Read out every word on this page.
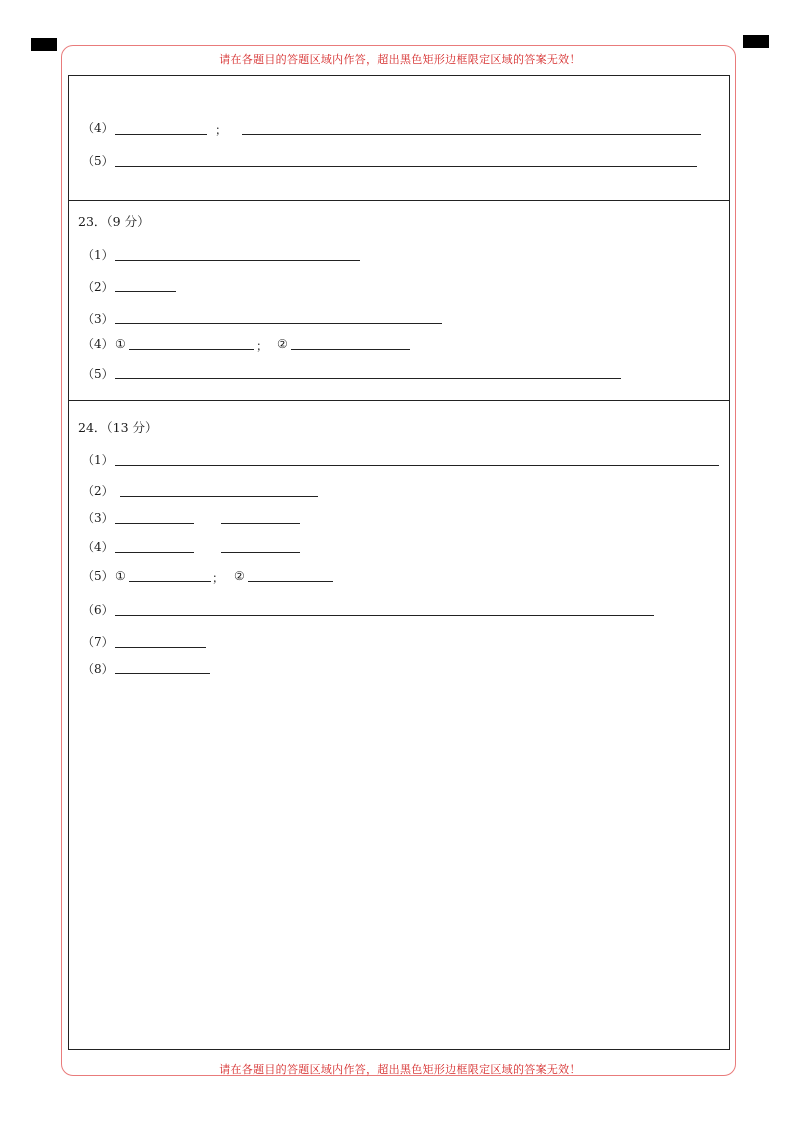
请在各题目的答题区域内作答，超出黑色矩形边框限定区域的答案无效！
请在各题目的答题区域内作答，超出黑色矩形边框限定区域的答案无效！
（4）	；
（5）
23．（9 分）
（1）
（2）
（3）
（4） ①	； ②
（5）
24．（13 分）
（1）
（2）
（3）
（4）
（5） ①	； ②
（6）
（7）
（8）
